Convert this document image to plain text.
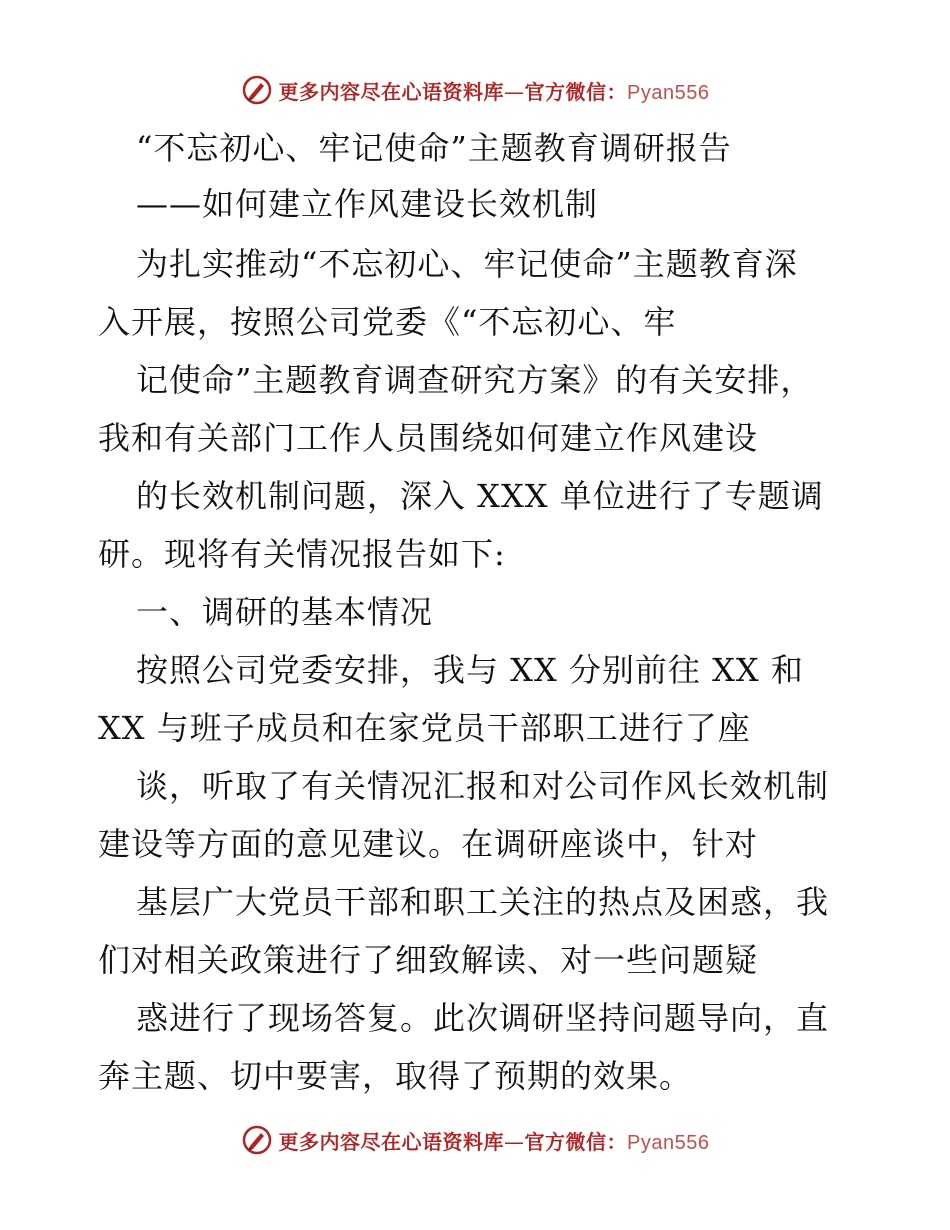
更多内容尽在心语资料库—官方微信：Pyan556
“不忘初心、牢记使命”主题教育调研报告
——如何建立作风建设长效机制
为扎实推动“不忘初心、牢记使命”主题教育深
入开展，按照公司党委《“不忘初心、牢
记使命”主题教育调查研究方案》的有关安排，
我和有关部门工作人员围绕如何建立作风建设
的长效机制问题，深入 XXX 单位进行了专题调
研。现将有关情况报告如下:
一、调研的基本情况
按照公司党委安排，我与 XX 分别前往 XX 和
XX 与班子成员和在家党员干部职工进行了座
谈，听取了有关情况汇报和对公司作风长效机制
建设等方面的意见建议。在调研座谈中，针对
基层广大党员干部和职工关注的热点及困惑，我
们对相关政策进行了细致解读、对一些问题疑
惑进行了现场答复。此次调研坚持问题导向，直
奔主题、切中要害，取得了预期的效果。
更多内容尽在心语资料库—官方微信：Pyan556
